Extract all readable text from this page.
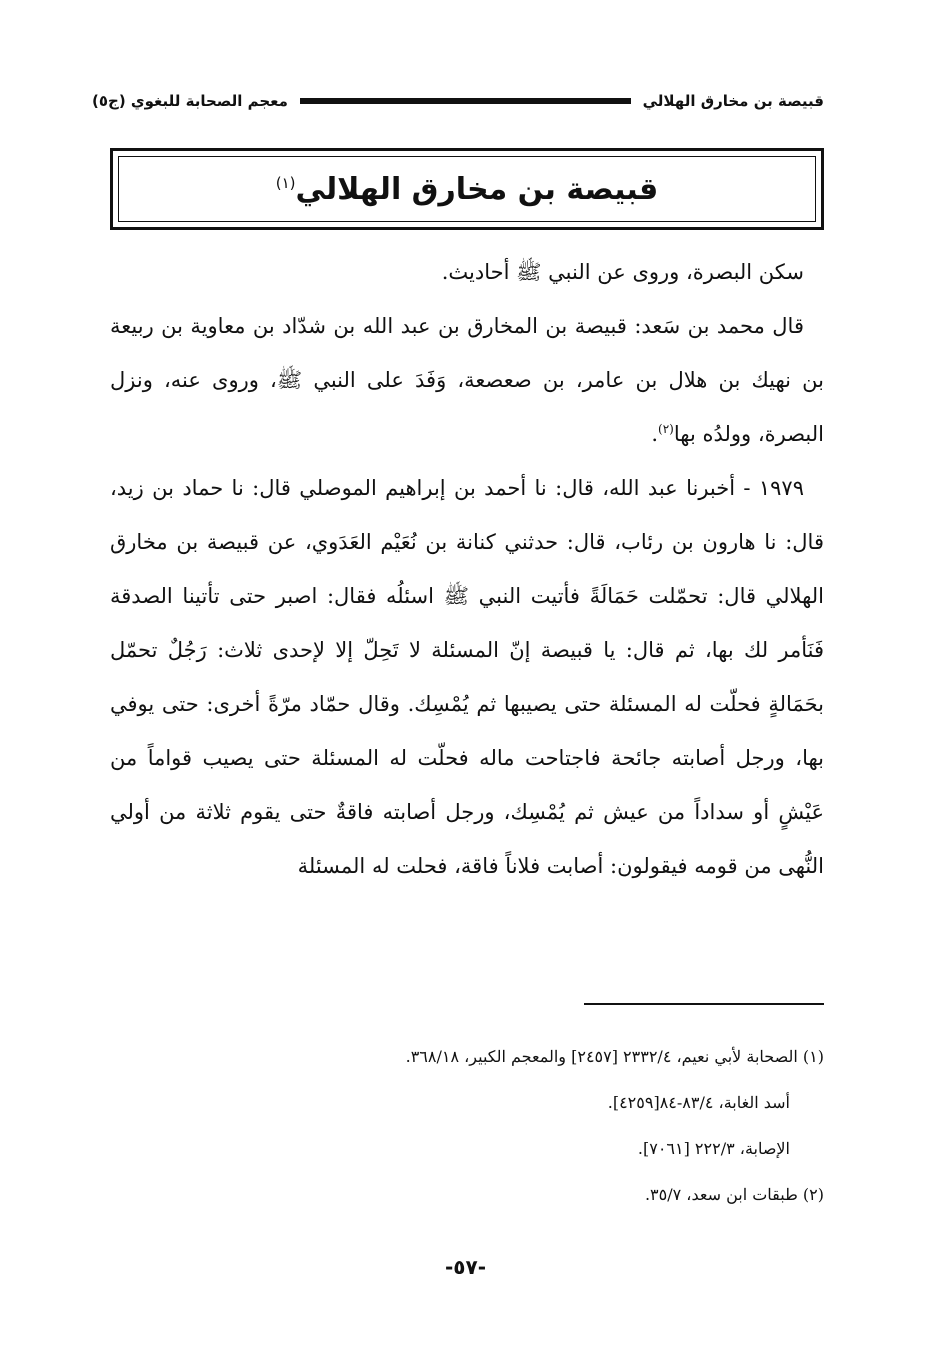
معجم الصحابة للبغوي (ج٥)	قبيصة بن مخارق الهلالي
قبيصة بن مخارق الهلالي$^{(١)}$

سكن البصرة، وروى عن النبي ﷺ أحاديث.

قال محمد بن سَعد: قبيصة بن المخارق بن عبد الله بن شدّاد بن معاوية بن ربيعة بن نهيك بن هلال بن عامر، بن صعصعة، وَفَدَ على النبي ﷺ، وروى عنه، ونزل البصرة، وولدُه بها$^{(٢)}$.

١٩٧٩ - أخبرنا عبد الله، قال: نا أحمد بن إبراهيم الموصلي قال: نا حماد بن زيد، قال: نا هارون بن رئاب، قال: حدثني كنانة بن نُعَيْم العَدَوي، عن قبيصة بن مخارق الهلالي قال: تحمّلت حَمَالَةً فأتيت النبي ﷺ اسئلُه فقال: اصبر حتى تأتينا الصدقة فَنَأمر لك بها، ثم قال: يا قبيصة إنّ المسئلة لا تَحِلّ إلا لإحدى ثلاث: رَجُلٌ تحمّل بحَمَالةٍ فحلّت له المسئلة حتى يصيبها ثم يُمْسِك. وقال حمّاد مرّةً أخرى: حتى يوفي بها، ورجل أصابته جائحة فاجتاحت ماله فحلّت له المسئلة حتى يصيب قواماً من عَيْشٍ أو سداداً من عيش ثم يُمْسِك، ورجل أصابته فاقةٌ حتى يقوم ثلاثة من أولي النُّهى من قومه فيقولون: أصابت فلاناً فاقة، فحلت له المسئلة

(١) الصحابة لأبي نعيم، ٢٣٣٢/٤ [٢٤٥٧] والمعجم الكبير، ٣٦٨/١٨.
أسد الغابة، ٨٣/٤-٨٤[٤٢٥٩].
الإصابة، ٢٢٢/٣ [٧٠٦١].
(٢) طبقات ابن سعد، ٣٥/٧.
-٥٧-
